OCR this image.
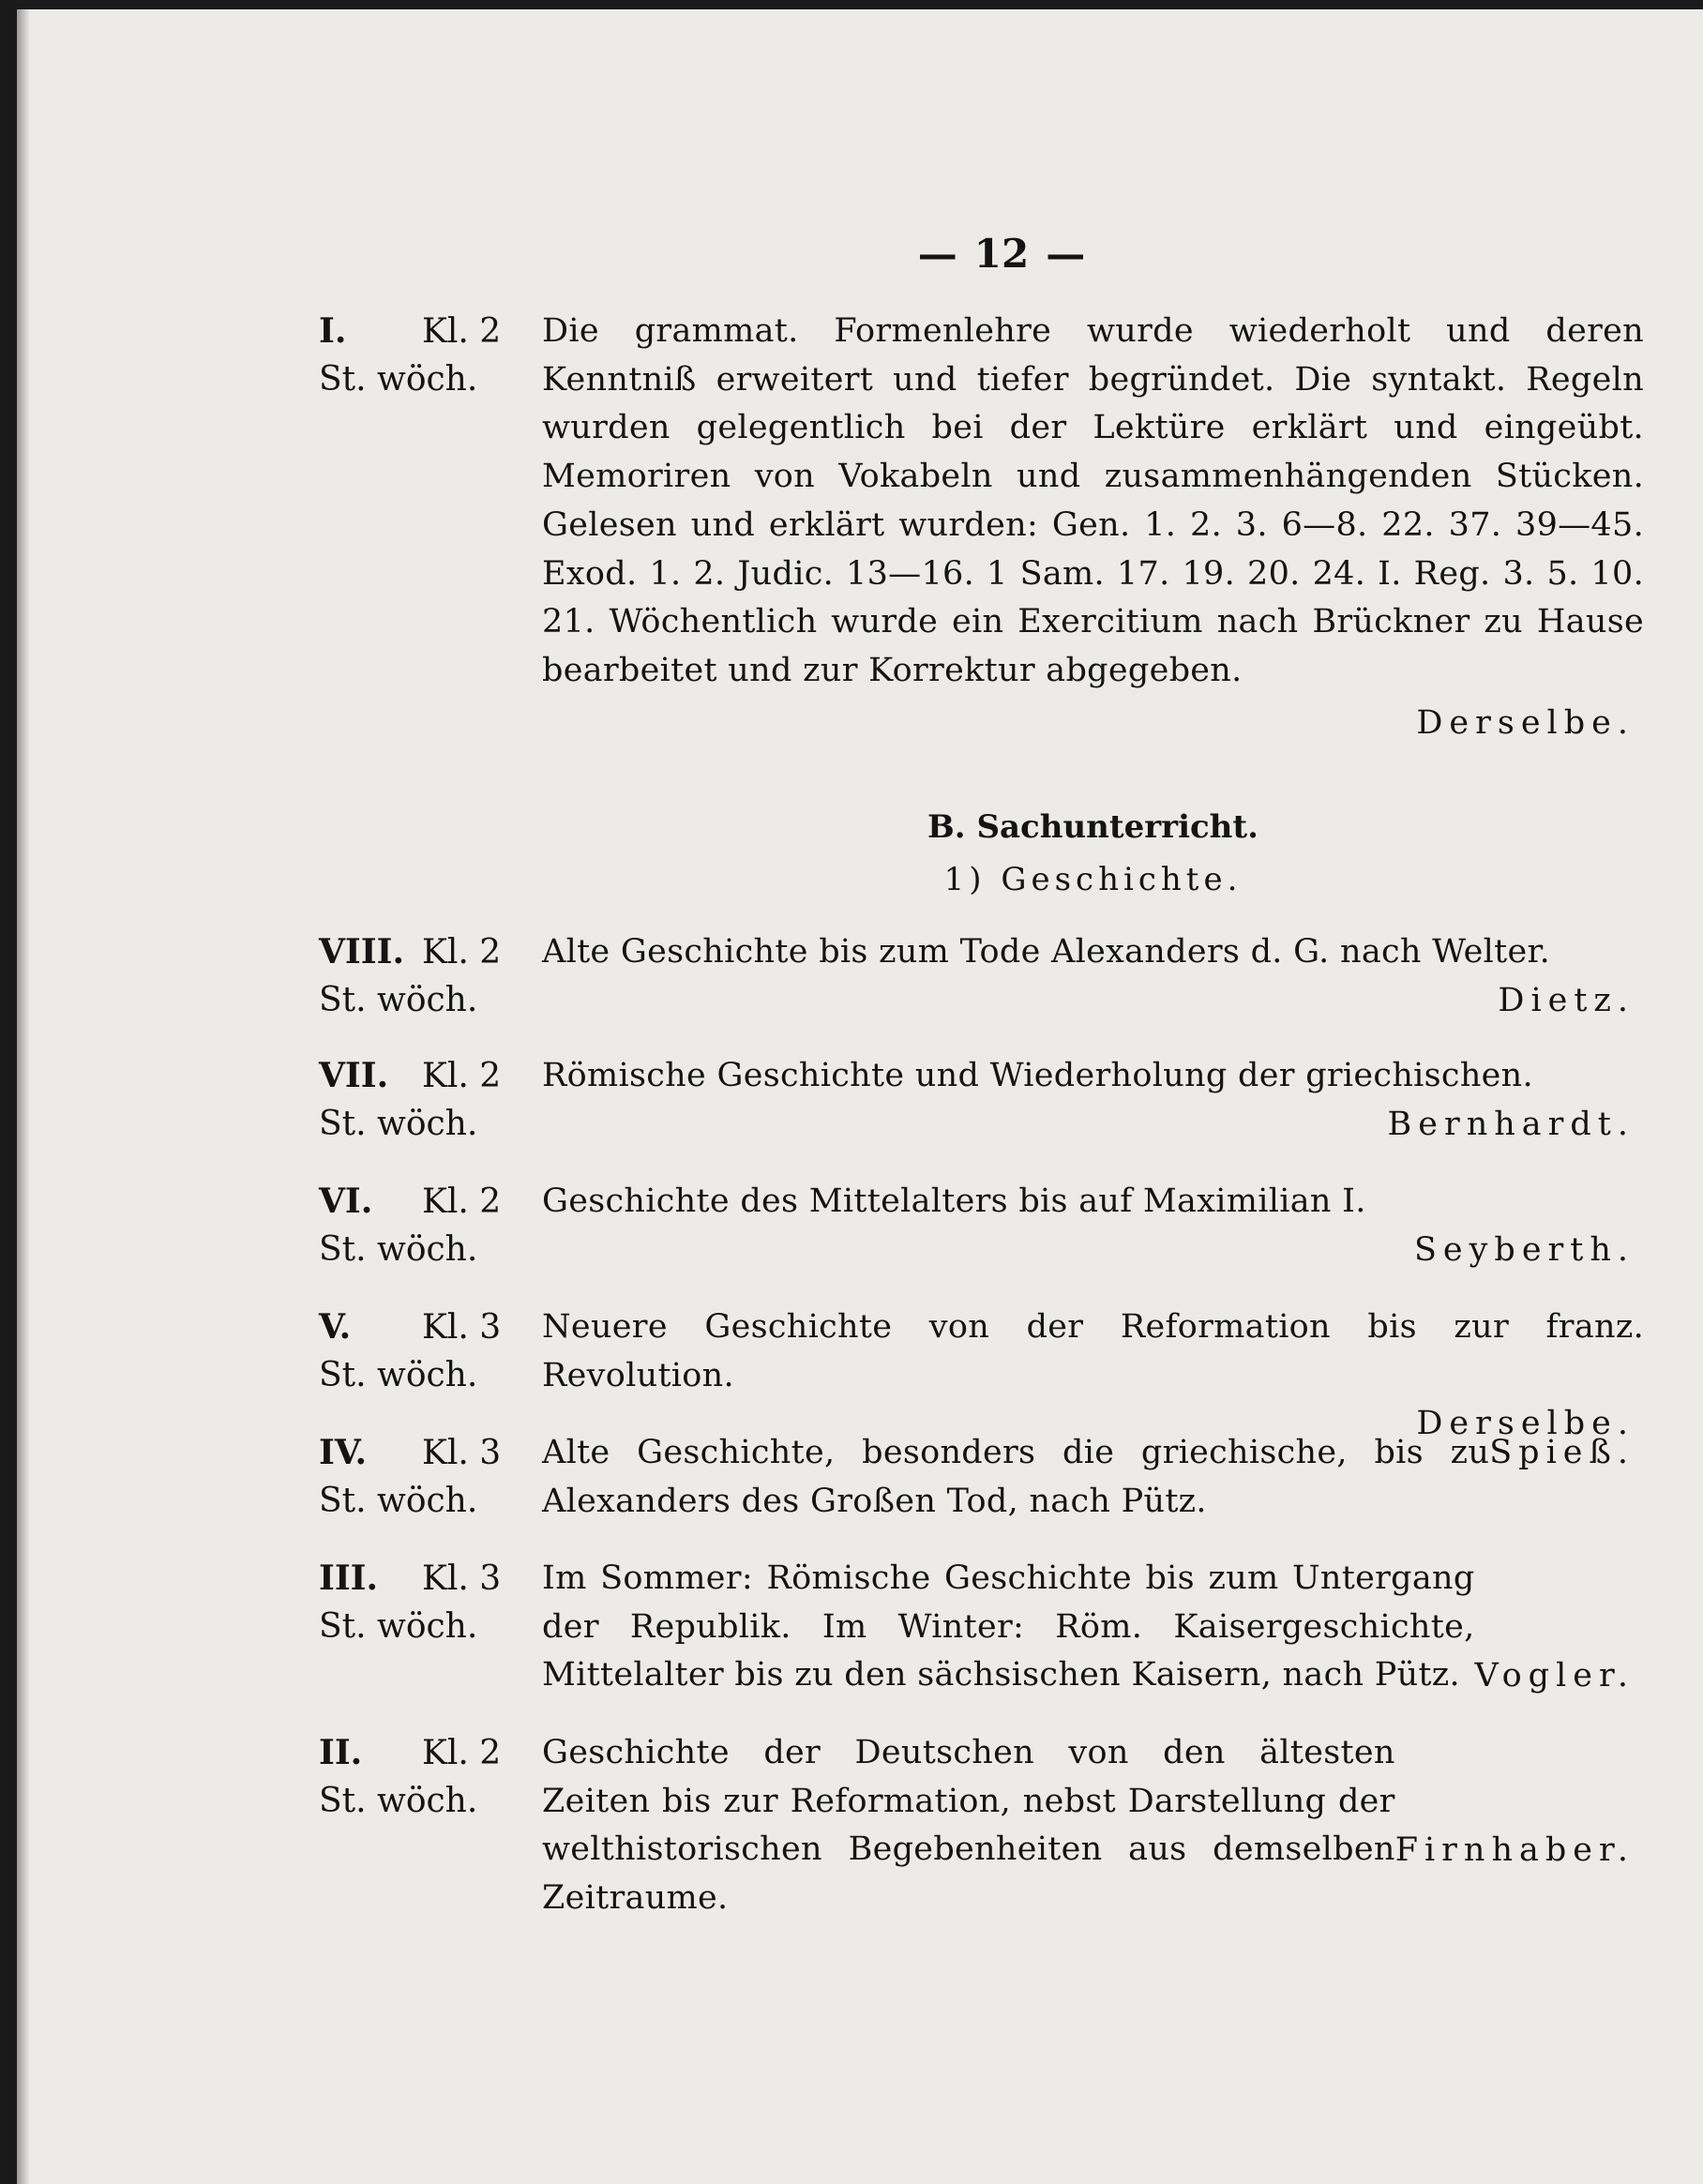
— 12 —
I. Kl. 2
St. wöch.
Die grammat. Formenlehre wurde wiederholt und deren Kenntniß erweitert und tiefer begründet. Die syntakt. Regeln wurden gelegentlich bei der Lektüre erklärt und eingeübt. Memoriren von Vokabeln und zusammenhängenden Stücken. Gelesen und erklärt wurden: Gen. 1. 2. 3. 6—8. 22. 37. 39—45. Exod. 1. 2. Judic. 13—16. 1 Sam. 17. 19. 20. 24. I. Reg. 3. 5. 10. 21. Wöchentlich wurde ein Exercitium nach Brückner zu Hause bearbeitet und zur Korrektur abgegeben.
Derselbe.
B. Sachunterricht.
1) Geschichte.
VIII. Kl. 2
St. wöch.
Alte Geschichte bis zum Tode Alexanders d. G. nach Welter.
Dietz.
VII. Kl. 2
St. wöch.
Römische Geschichte und Wiederholung der griechischen.
Bernhardt.
VI. Kl. 2
St. wöch.
Geschichte des Mittelalters bis auf Maximilian I.
Seyberth.
V. Kl. 3
St. wöch.
Neuere Geschichte von der Reformation bis zur franz. Revolution.
Derselbe.
IV. Kl. 3
St. wöch.
Spieß.
Alte Geschichte, besonders die griechische, bis zu Alexanders des Großen Tod, nach Pütz.
III. Kl. 3
St. wöch.
Vogler.
Im Sommer: Römische Geschichte bis zum Untergang der Republik. Im Winter: Röm. Kaisergeschichte, Mittelalter bis zu den sächsischen Kaisern, nach Pütz.
II. Kl. 2
St. wöch.
Firnhaber.
Geschichte der Deutschen von den ältesten Zeiten bis zur Reformation, nebst Darstellung der welthistorischen Begebenheiten aus demselben Zeitraume.
